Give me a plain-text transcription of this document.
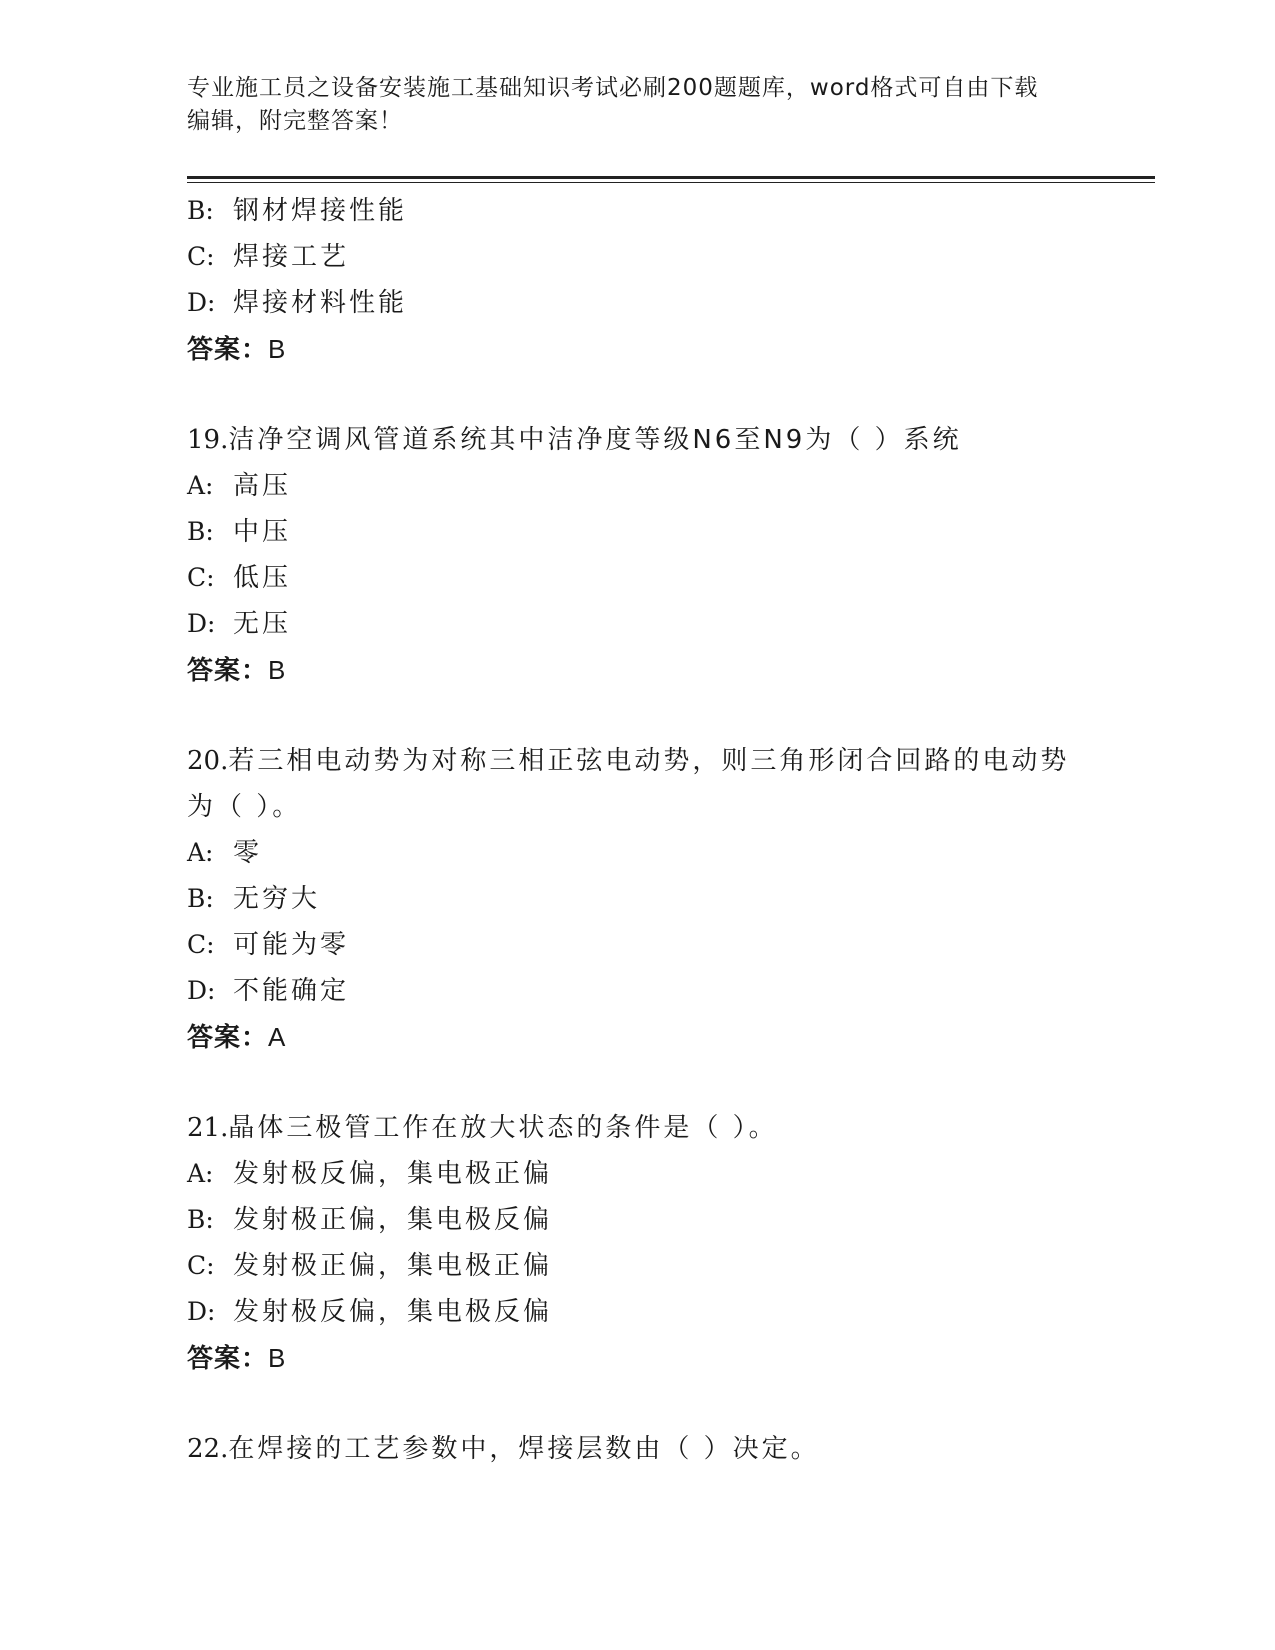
专业施工员之设备安装施工基础知识考试必刷200题题库，word格式可自由下载
编辑，附完整答案！
B: 钢材焊接性能
C: 焊接工艺
D: 焊接材料性能
答案：B
19.洁净空调风管道系统其中洁净度等级N6至N9为（ ）系统
A: 高压
B: 中压
C: 低压
D: 无压
答案：B
20.若三相电动势为对称三相正弦电动势，则三角形闭合回路的电动势
为（ ）。
A: 零
B: 无穷大
C: 可能为零
D: 不能确定
答案：A
21.晶体三极管工作在放大状态的条件是（ ）。
A: 发射极反偏，集电极正偏
B: 发射极正偏，集电极反偏
C: 发射极正偏，集电极正偏
D: 发射极反偏，集电极反偏
答案：B
22.在焊接的工艺参数中，焊接层数由（ ）决定。
